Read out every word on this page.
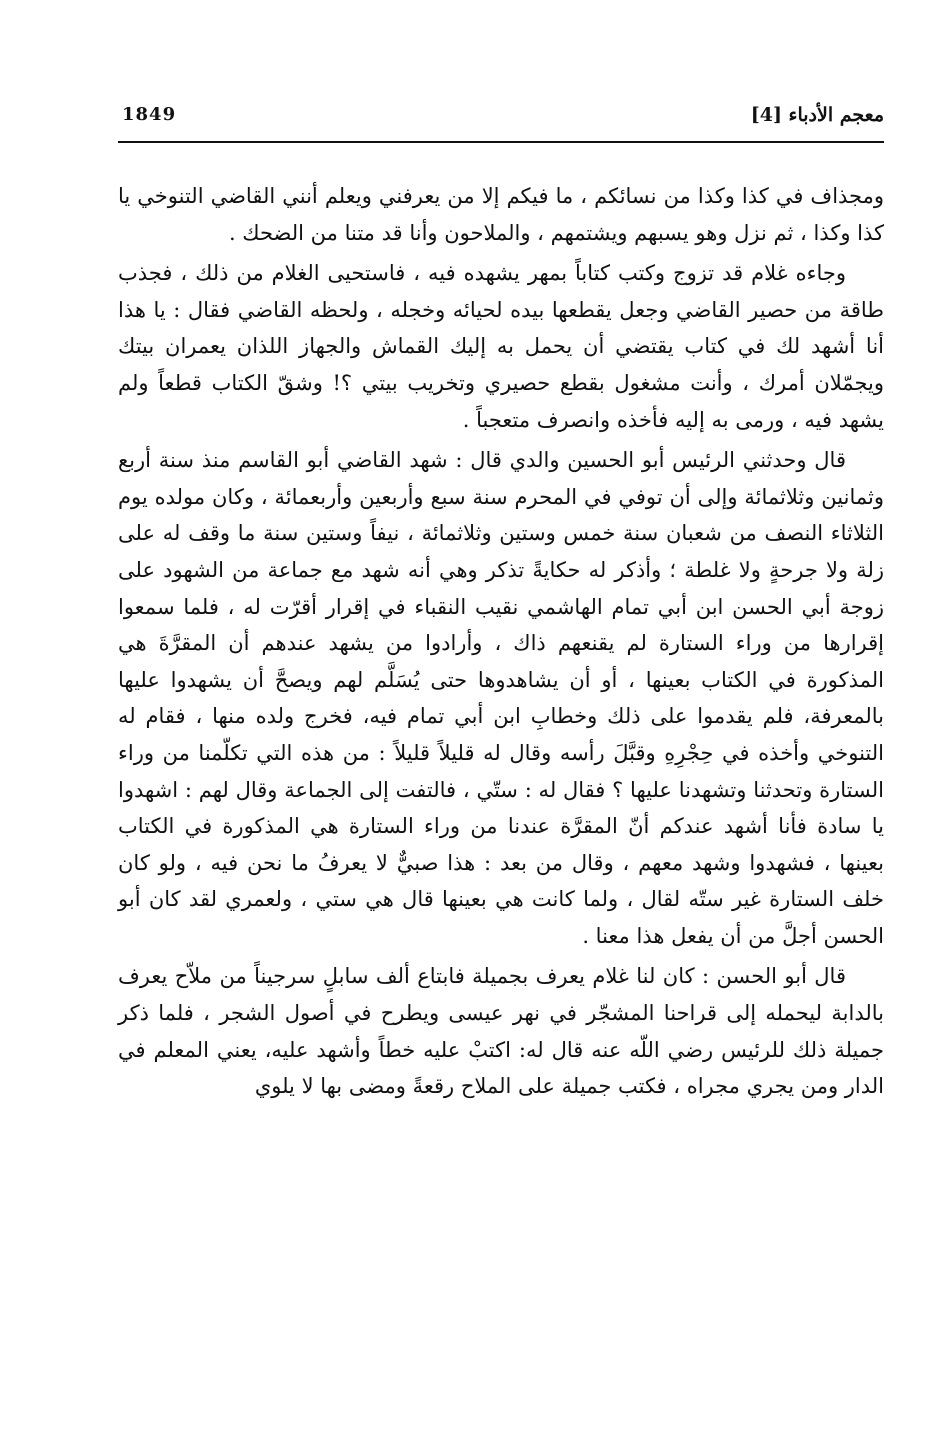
معجم الأدباء [4]
1849

ومجذاف في كذا وكذا من نسائكم ، ما فيكم إلا من يعرفني ويعلم أنني القاضي التنوخي يا كذا وكذا ، ثم نزل وهو يسبهم ويشتمهم ، والملاحون وأنا قد متنا من الضحك .

وجاءه غلام قد تزوج وكتب كتاباً بمهر يشهده فيه ، فاستحيى الغلام من ذلك ، فجذب طاقة من حصير القاضي وجعل يقطعها بيده لحيائه وخجله ، ولحظه القاضي فقال : يا هذا أنا أشهد لك في كتاب يقتضي أن يحمل به إليك القماش والجهاز اللذان يعمران بيتك ويجمّلان أمرك ، وأنت مشغول بقطع حصيري وتخريب بيتي ؟! وشقّ الكتاب قطعاً ولم يشهد فيه ، ورمى به إليه فأخذه وانصرف متعجباً .

قال وحدثني الرئيس أبو الحسين والدي قال : شهد القاضي أبو القاسم منذ سنة أربع وثمانين وثلاثمائة وإلى أن توفي في المحرم سنة سبع وأربعين وأربعمائة ، وكان مولده يوم الثلاثاء النصف من شعبان سنة خمس وستين وثلاثمائة ، نيفاً وستين سنة ما وقف له على زلة ولا جرحةٍ ولا غلطة ؛ وأذكر له حكايةً تذكر وهي أنه شهد مع جماعة من الشهود على زوجة أبي الحسن ابن أبي تمام الهاشمي نقيب النقباء في إقرار أقرّت له ، فلما سمعوا إقرارها من وراء الستارة لم يقنعهم ذاك ، وأرادوا من يشهد عندهم أن المقرَّةَ هي المذكورة في الكتاب بعينها ، أو أن يشاهدوها حتى يُسَلَّم لهم ويصحَّ أن يشهدوا عليها بالمعرفة، فلم يقدموا على ذلك وخطابِ ابن أبي تمام فيه، فخرج ولده منها ، فقام له التنوخي وأخذه في حِجْرِهِ وقبَّلَ رأسه وقال له قليلاً قليلاً : من هذه التي تكلّمنا من وراء الستارة وتحدثنا وتشهدنا عليها ؟ فقال له : ستّي ، فالتفت إلى الجماعة وقال لهم : اشهدوا يا سادة فأنا أشهد عندكم أنّ المقرَّة عندنا من وراء الستارة هي المذكورة في الكتاب بعينها ، فشهدوا وشهد معهم ، وقال من بعد : هذا صبيٌّ لا يعرفُ ما نحن فيه ، ولو كان خلف الستارة غير ستّه لقال ، ولما كانت هي بعينها قال هي ستي ، ولعمري لقد كان أبو الحسن أجلَّ من أن يفعل هذا معنا .

قال أبو الحسن : كان لنا غلام يعرف بجميلة فابتاع ألف سابلٍ سرجيناً من ملاّح يعرف بالدابة ليحمله إلى قراحنا المشجّر في نهر عيسى ويطرح في أصول الشجر ، فلما ذكر جميلة ذلك للرئيس رضي اللّه عنه قال له: اكتبْ عليه خطاً وأشهد عليه، يعني المعلم في الدار ومن يجري مجراه ، فكتب جميلة على الملاح رقعةً ومضى بها لا يلوي
